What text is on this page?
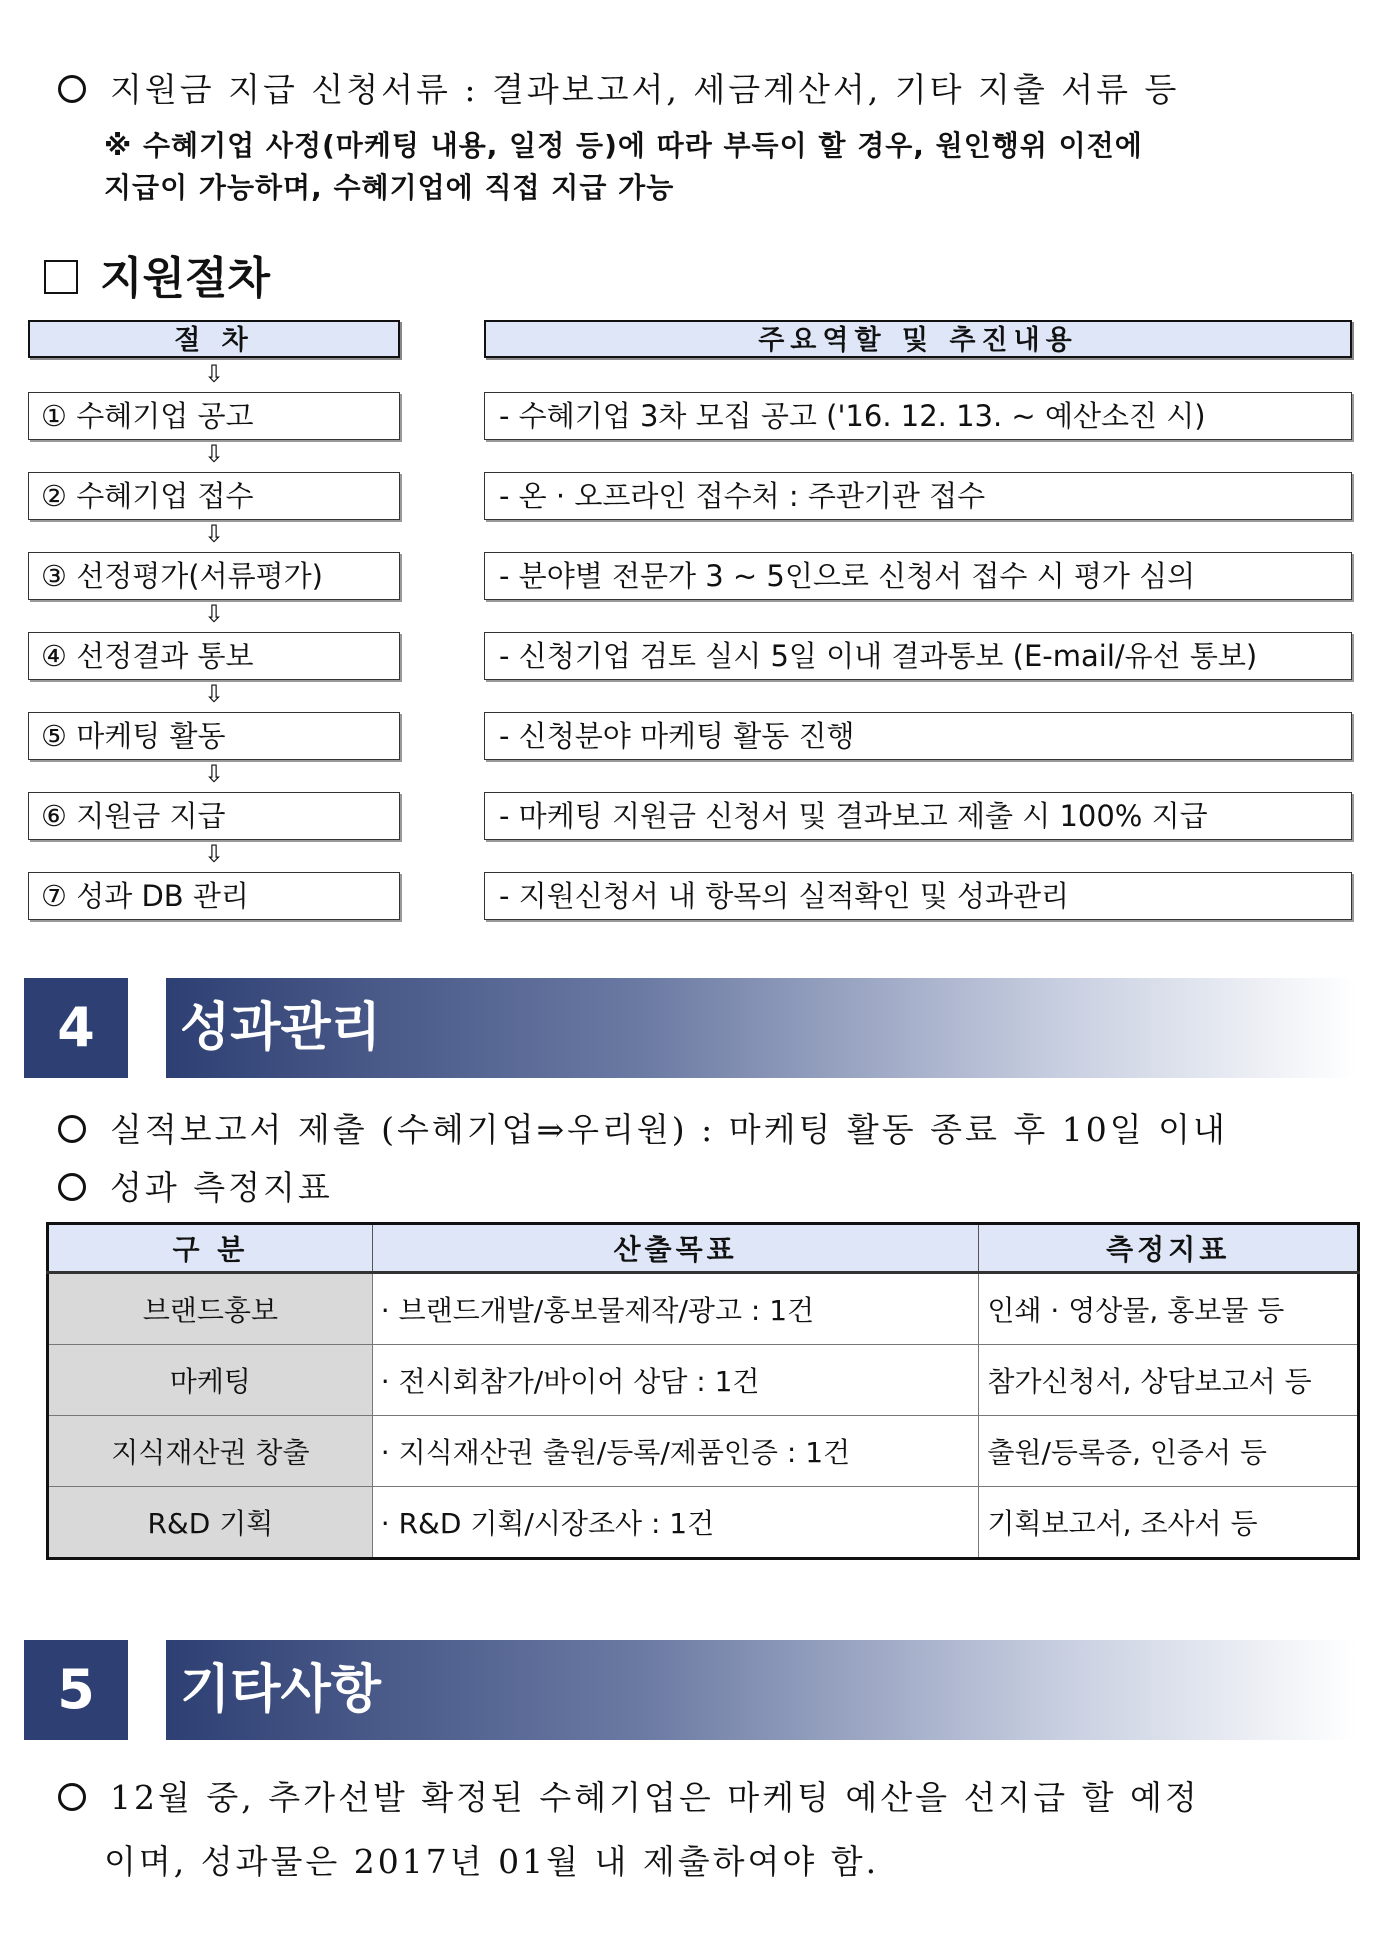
지원금 지급 신청서류 : 결과보고서, 세금계산서, 기타 지출 서류 등
※ 수혜기업 사정(마케팅 내용, 일정 등)에 따라 부득이 할 경우, 원인행위 이전에
지급이 가능하며, 수혜기업에 직접 지급 가능
지원절차
절 차	주요역할 및 추진내용
⇩
① 수혜기업 공고	- 수혜기업 3차 모집 공고 ('16. 12. 13. ~ 예산소진 시)
⇩
② 수혜기업 접수	- 온 · 오프라인 접수처 : 주관기관 접수
⇩
③ 선정평가(서류평가)	- 분야별 전문가 3 ~ 5인으로 신청서 접수 시 평가 심의
⇩
④ 선정결과 통보	- 신청기업 검토 실시 5일 이내 결과통보 (E-mail/유선 통보)
⇩
⑤ 마케팅 활동	- 신청분야 마케팅 활동 진행
⇩
⑥ 지원금 지급	- 마케팅 지원금 신청서 및 결과보고 제출 시 100% 지급
⇩
⑦ 성과 DB 관리	- 지원신청서 내 항목의 실적확인 및 성과관리
4	성과관리
실적보고서 제출 (수혜기업⇒우리원) : 마케팅 활동 종료 후 10일 이내
성과 측정지표
구 분	산출목표	측정지표
브랜드홍보	· 브랜드개발/홍보물제작/광고 : 1건	인쇄 · 영상물, 홍보물 등
마케팅	· 전시회참가/바이어 상담 : 1건	참가신청서, 상담보고서 등
지식재산권 창출	· 지식재산권 출원/등록/제품인증 : 1건	출원/등록증, 인증서 등
R&D 기획	· R&D 기획/시장조사 : 1건	기획보고서, 조사서 등
5	기타사항
12월 중, 추가선발 확정된 수혜기업은 마케팅 예산을 선지급 할 예정
이며, 성과물은 2017년 01월 내 제출하여야 함.
